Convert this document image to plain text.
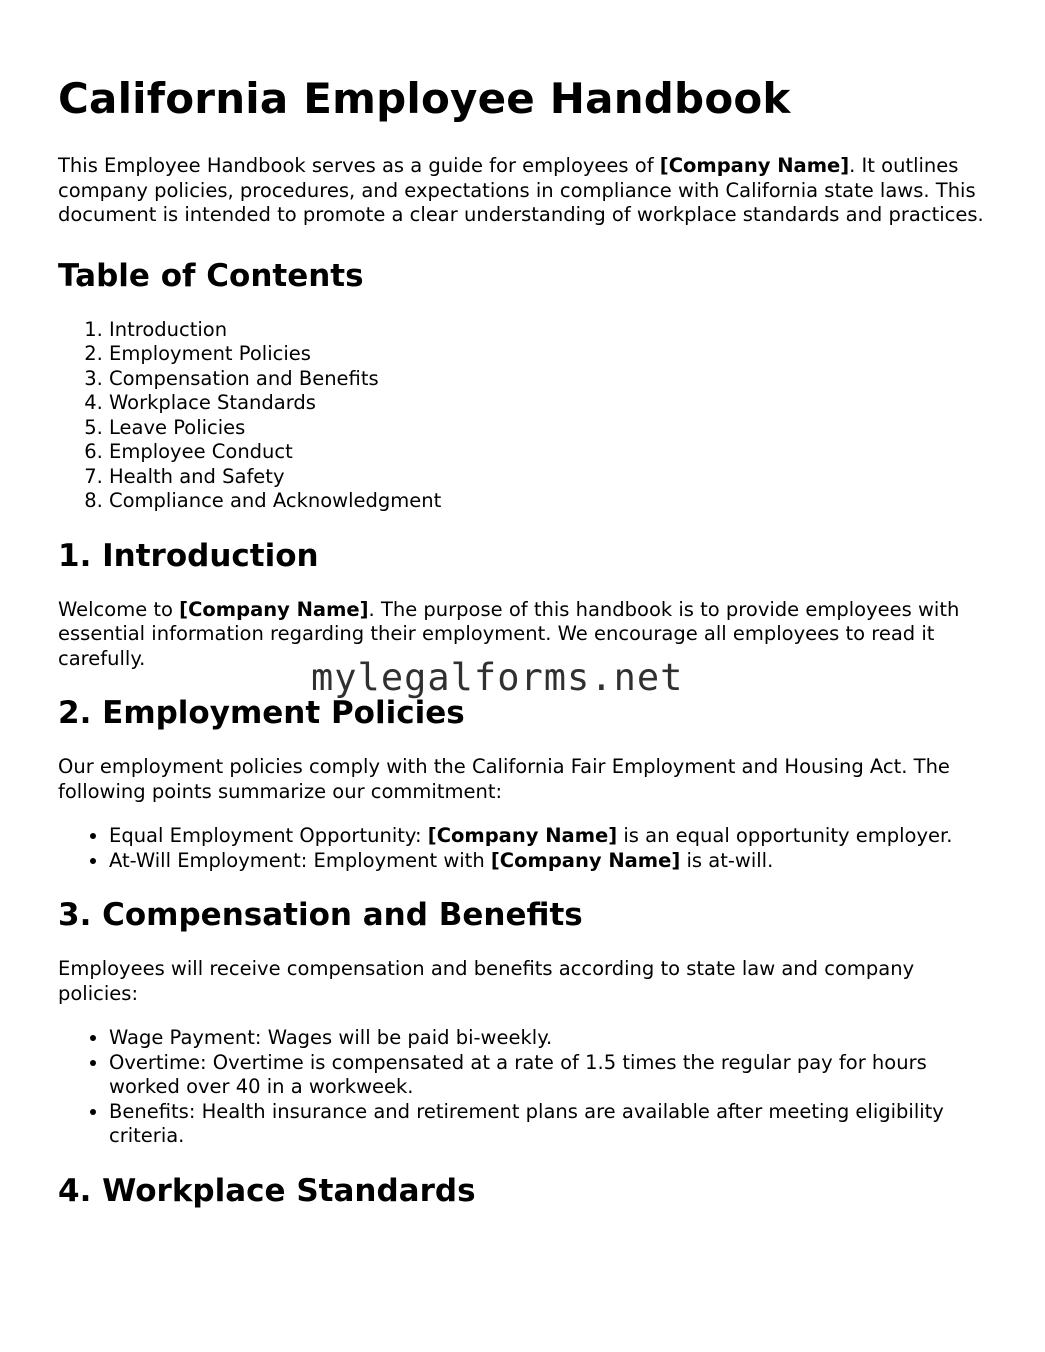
California Employee Handbook

This Employee Handbook serves as a guide for employees of [Company Name]. It outlines company policies, procedures, and expectations in compliance with California state laws. This document is intended to promote a clear understanding of workplace standards and practices.

Table of Contents
1. Introduction
2. Employment Policies
3. Compensation and Benefits
4. Workplace Standards
5. Leave Policies
6. Employee Conduct
7. Health and Safety
8. Compliance and Acknowledgment
1. Introduction

Welcome to [Company Name]. The purpose of this handbook is to provide employees with essential information regarding their employment. We encourage all employees to read it carefully.

2. Employment Policies

Our employment policies comply with the California Fair Employment and Housing Act. The following points summarize our commitment:

• Equal Employment Opportunity: [Company Name] is an equal opportunity employer.
• At-Will Employment: Employment with [Company Name] is at-will.
3. Compensation and Benefits

Employees will receive compensation and benefits according to state law and company policies:

• Wage Payment: Wages will be paid bi-weekly.
• Overtime: Overtime is compensated at a rate of 1.5 times the regular pay for hours worked over 40 in a workweek.
• Benefits: Health insurance and retirement plans are available after meeting eligibility criteria.
4. Workplace Standards
mylegalforms.net
